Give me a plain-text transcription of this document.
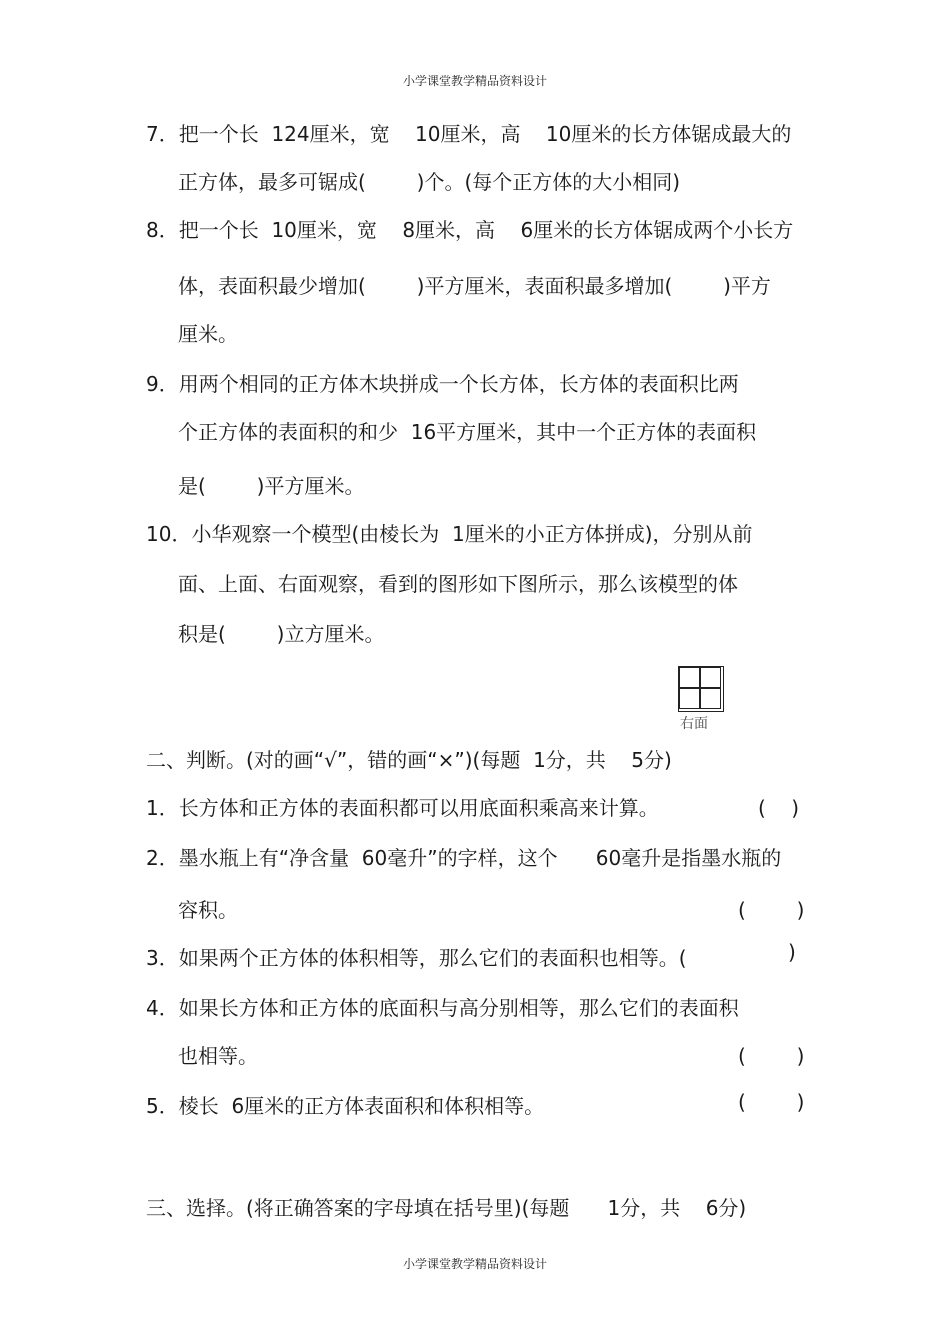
小学课堂教学精品资料设计
7．把一个长  124厘米，宽    10厘米，高    10厘米的长方体锯成最大的
正方体，最多可锯成(        )个。(每个正方体的大小相同)
8．把一个长  10厘米，宽    8厘米，高    6厘米的长方体锯成两个小长方
体，表面积最少增加(        )平方厘米，表面积最多增加(        )平方
厘米。
9．用两个相同的正方体木块拼成一个长方体，长方体的表面积比两
个正方体的表面积的和少  16平方厘米，其中一个正方体的表面积
是(        )平方厘米。
10．小华观察一个模型(由棱长为  1厘米的小正方体拼成)，分别从前
面、上面、右面观察，看到的图形如下图所示，那么该模型的体
积是(        )立方厘米。
右面
二、判断。(对的画“√”，错的画“×”)(每题  1分，共    5分)
1．长方体和正方体的表面积都可以用底面积乘高来计算。	(    )
2．墨水瓶上有“净含量  60毫升”的字样，这个      60毫升是指墨水瓶的
容积。	(        )
3．如果两个正方体的体积相等，那么它们的表面积也相等。(	)
4．如果长方体和正方体的底面积与高分别相等，那么它们的表面积
也相等。	(        )
5．棱长  6厘米的正方体表面积和体积相等。	(        )
三、选择。(将正确答案的字母填在括号里)(每题      1分，共    6分)
小学课堂教学精品资料设计
